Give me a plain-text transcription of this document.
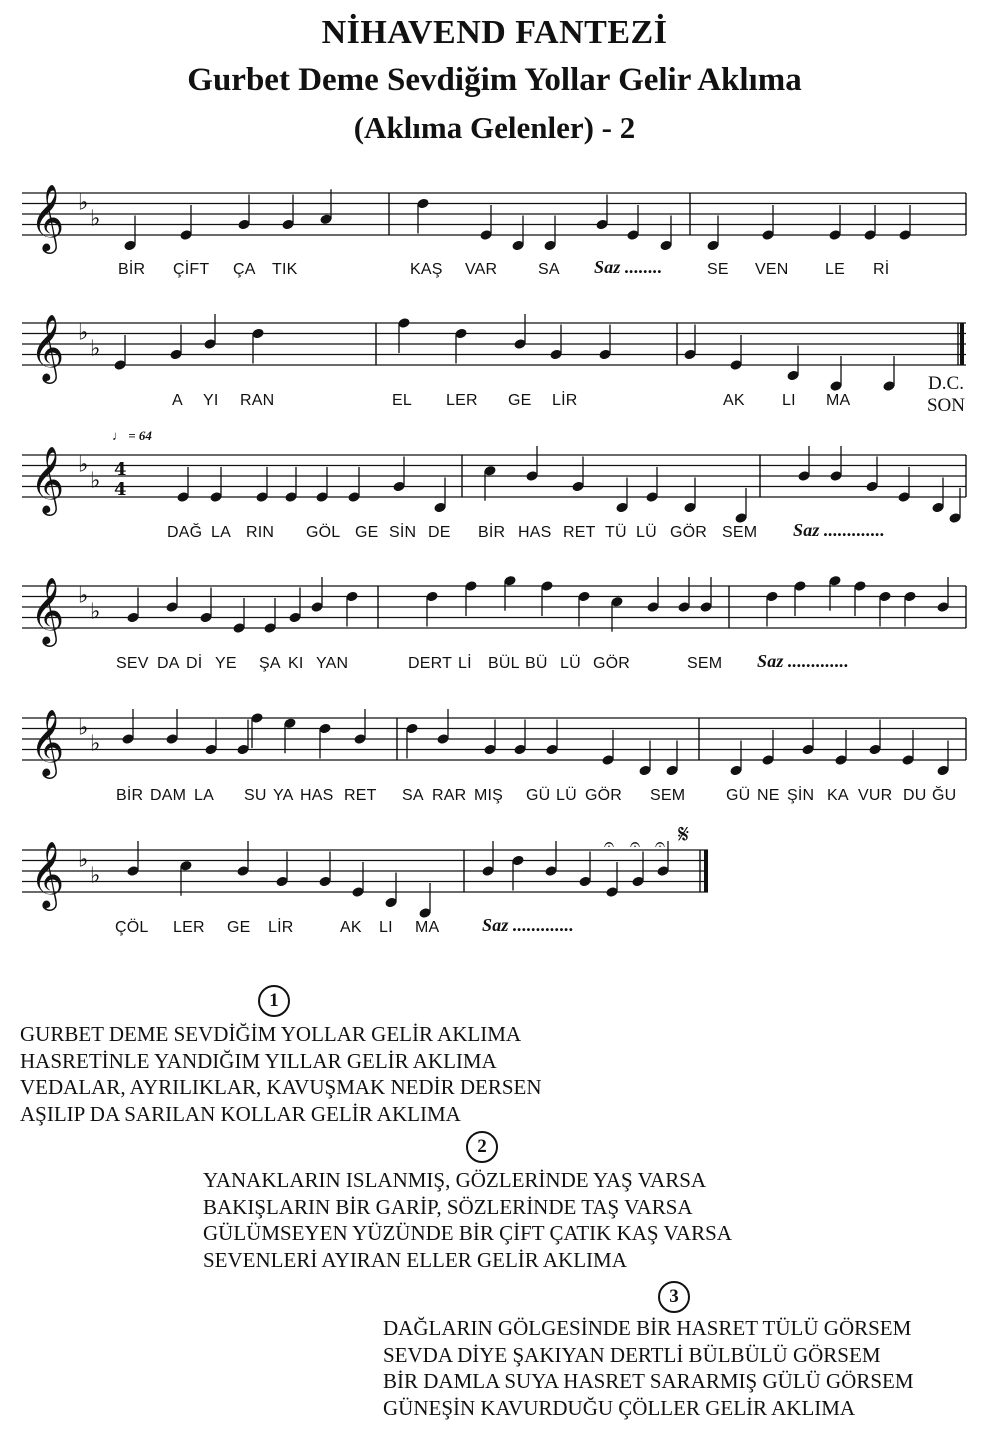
NİHAVEND FANTEZİ
Gurbet Deme Sevdiğim Yollar Gelir Aklıma
(Aklıma Gelenler) - 2
𝄞 ♭
♭
𝄞 ♭
♭
𝄞 ♭
♭ 4
4
𝄞 ♭
♭
𝄞 ♭
♭
𝄞 ♭
♭
𝄋
𝄐 𝄐 𝄐
BİR ÇİFT ÇA TIK	KAŞ VAR	SA Saz ........	SE VEN LE Rİ
A YI RAN	EL LER GE LİR	AK LI MA
D.C.
SON
♩ = 64
DAĞ LA RIN GÖL GE SİN DE BİR HAS RET TÜ LÜ GÖR SEM Saz .............
SEV DA Dİ YE ŞA KI YAN	DERT Lİ BÜL BÜ LÜ GÖR	SEM Saz .............
BİR DAM LA SU YA HAS RET SA RAR MIŞ GÜ LÜ GÖR SEM	GÜ NE ŞİN KA VUR DU ĞU
ÇÖL LER GE LİR	AK LI MA Saz .............
1
GURBET DEME SEVDİĞİM YOLLAR GELİR AKLIMA
HASRETİNLE YANDIĞIM YILLAR GELİR AKLIMA
VEDALAR, AYRILIKLAR, KAVUŞMAK NEDİR DERSEN
AŞILIP DA SARILAN KOLLAR GELİR AKLIMA
2
YANAKLARIN ISLANMIŞ, GÖZLERİNDE YAŞ VARSA
BAKIŞLARIN BİR GARİP, SÖZLERİNDE TAŞ VARSA
GÜLÜMSEYEN YÜZÜNDE BİR ÇİFT ÇATIK KAŞ VARSA
SEVENLERİ AYIRAN ELLER GELİR AKLIMA
3
DAĞLARIN GÖLGESİNDE BİR HASRET TÜLÜ GÖRSEM
SEVDA DİYE ŞAKIYAN DERTLİ BÜLBÜLÜ GÖRSEM
BİR DAMLA SUYA HASRET SARARMIŞ GÜLÜ GÖRSEM
GÜNEŞİN KAVURDUĞU ÇÖLLER GELİR AKLIMA
